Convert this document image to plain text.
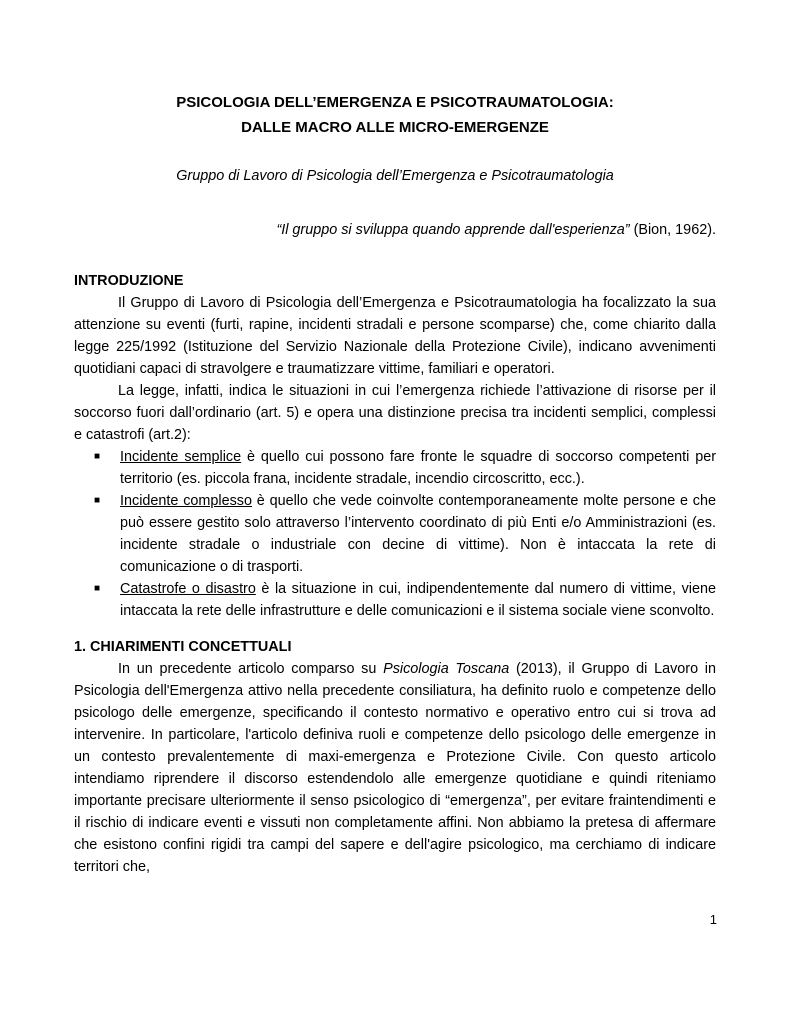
PSICOLOGIA DELL’EMERGENZA E PSICOTRAUMATOLOGIA:
DALLE MACRO ALLE MICRO-EMERGENZE
Gruppo di Lavoro di Psicologia dell’Emergenza e Psicotraumatologia
“Il gruppo si sviluppa quando apprende dall'esperienza” (Bion, 1962).
INTRODUZIONE

Il Gruppo di Lavoro di Psicologia dell’Emergenza e Psicotraumatologia ha focalizzato la sua attenzione su eventi (furti, rapine, incidenti stradali e persone scomparse) che, come chiarito dalla legge 225/1992 (Istituzione del Servizio Nazionale della Protezione Civile), indicano avvenimenti quotidiani capaci di stravolgere e traumatizzare vittime, familiari e operatori.

La legge, infatti, indica le situazioni in cui l’emergenza richiede l’attivazione di risorse per il soccorso fuori dall’ordinario (art. 5) e opera una distinzione precisa tra incidenti semplici, complessi e catastrofi (art.2):

■ Incidente semplice è quello cui possono fare fronte le squadre di soccorso competenti per territorio (es. piccola frana, incidente stradale, incendio circoscritto, ecc.).
■ Incidente complesso è quello che vede coinvolte contemporaneamente molte persone e che può essere gestito solo attraverso l’intervento coordinato di più Enti e/o Amministrazioni (es. incidente stradale o industriale con decine di vittime). Non è intaccata la rete di comunicazione o di trasporti.
■ Catastrofe o disastro è la situazione in cui, indipendentemente dal numero di vittime, viene intaccata la rete delle infrastrutture e delle comunicazioni e il sistema sociale viene sconvolto.
1. CHIARIMENTI CONCETTUALI

In un precedente articolo comparso su Psicologia Toscana (2013), il Gruppo di Lavoro in Psicologia dell'Emergenza attivo nella precedente consiliatura, ha definito ruolo e competenze dello psicologo delle emergenze, specificando il contesto normativo e operativo entro cui si trova ad intervenire. In particolare, l'articolo definiva ruoli e competenze dello psicologo delle emergenze in un contesto prevalentemente di maxi-emergenza e Protezione Civile. Con questo articolo intendiamo riprendere il discorso estendendolo alle emergenze quotidiane e quindi riteniamo importante precisare ulteriormente il senso psicologico di “emergenza”, per evitare fraintendimenti e il rischio di indicare eventi e vissuti non completamente affini. Non abbiamo la pretesa di affermare che esistono confini rigidi tra campi del sapere e dell'agire psicologico, ma cerchiamo di indicare territori che,

1
